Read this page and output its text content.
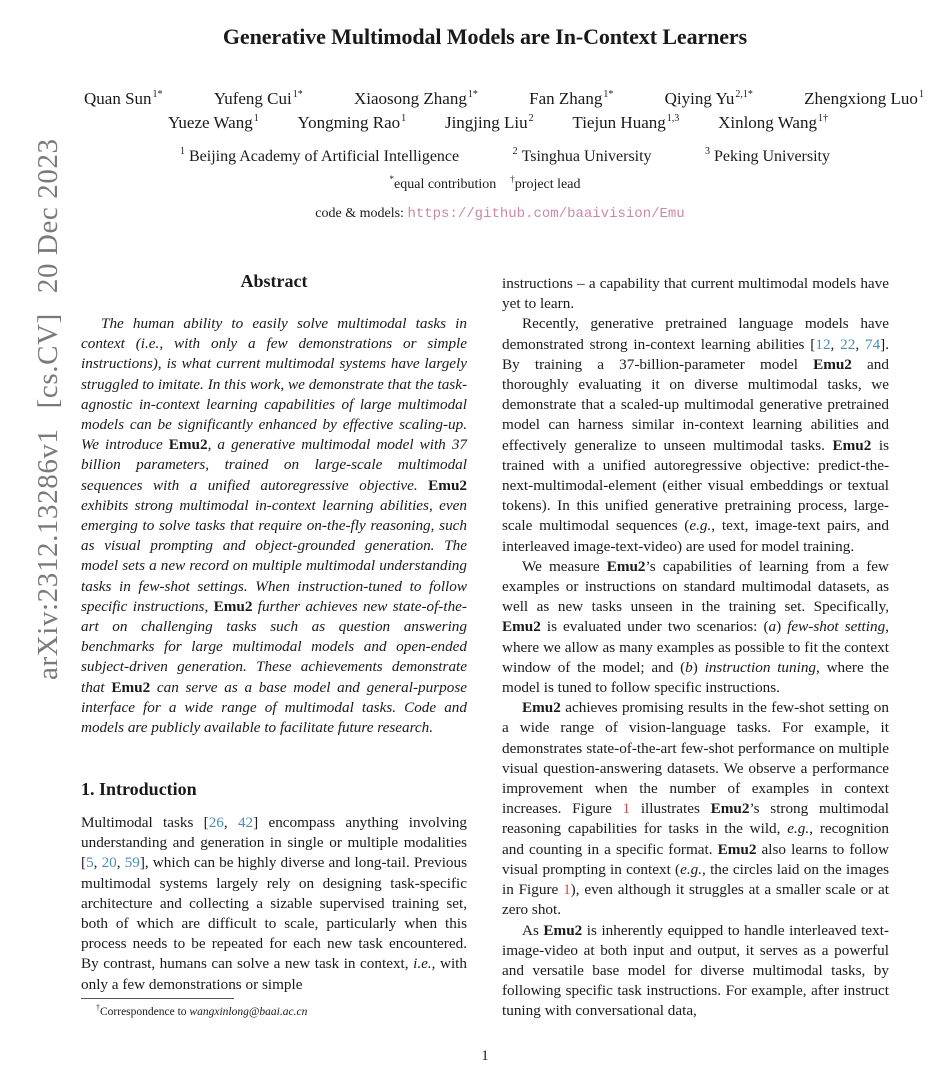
arXiv:2312.13286v1[cs.CV]20 Dec 2023
Generative Multimodal Models are In-Context Learners
Quan Sun$^{1*}$	Yufeng Cui$^{1*}$	Xiaosong Zhang$^{1*}$	Fan Zhang$^{1*}$	Qiying $Yu^{2,1*}$	Zhengxiong Luo$^1$
Yueze Wang$^1$ Yongming Rao$^1$ Jingjing Liu$^2$ Tiejun Huang$^{1,3}$ Xinlong Wang$^{1\dagger}$
$^1$ Beijing Academy of Artificial Intelligence	$^2$ Tsinghua University	$^3$ Peking University
*equal contribution †project lead
code & models: https://github.com/baaivision/Emu
Abstract

The human ability to easily solve multimodal tasks in context (i.e., with only a few demonstrations or simple instructions), is what current multimodal systems have largely struggled to imitate. In this work, we demonstrate that the task-agnostic in-context learning capabilities of large multimodal models can be significantly enhanced by effective scaling-up. We introduce Emu2, a generative multimodal model with 37 billion parameters, trained on large-scale multimodal sequences with a unified autoregressive objective. Emu2 exhibits strong multimodal in-context learning abilities, even emerging to solve tasks that require on-the-fly reasoning, such as visual prompting and object-grounded generation. The model sets a new record on multiple multimodal understanding tasks in few-shot settings. When instruction-tuned to follow specific instructions, Emu2 further achieves new state-of-the-art on challenging tasks such as question answering benchmarks for large multimodal models and open-ended subject-driven generation. These achievements demonstrate that Emu2 can serve as a base model and general-purpose interface for a wide range of multimodal tasks. Code and models are publicly available to facilitate future research.

1. Introduction

Multimodal tasks [26, 42] encompass anything involving understanding and generation in single or multiple modalities [5, 20, 59], which can be highly diverse and long-tail. Previous multimodal systems largely rely on designing task-specific architecture and collecting a sizable supervised training set, both of which are difficult to scale, particularly when this process needs to be repeated for each new task encountered. By contrast, humans can solve a new task in context, i.e., with only a few demonstrations or simple

instructions – a capability that current multimodal models have yet to learn.

Recently, generative pretrained language models have demonstrated strong in-context learning abilities [12, 22, 74]. By training a 37-billion-parameter model Emu2 and thoroughly evaluating it on diverse multimodal tasks, we demonstrate that a scaled-up multimodal generative pretrained model can harness similar in-context learning abilities and effectively generalize to unseen multimodal tasks. Emu2 is trained with a unified autoregressive objective: predict-the-next-multimodal-element (either visual embeddings or textual tokens). In this unified generative pretraining process, large-scale multimodal sequences (e.g., text, image-text pairs, and interleaved image-text-video) are used for model training.

We measure Emu2’s capabilities of learning from a few examples or instructions on standard multimodal datasets, as well as new tasks unseen in the training set. Specifically, Emu2 is evaluated under two scenarios: (a) few-shot setting, where we allow as many examples as possible to fit the context window of the model; and (b) instruction tuning, where the model is tuned to follow specific instructions.

Emu2 achieves promising results in the few-shot setting on a wide range of vision-language tasks. For example, it demonstrates state-of-the-art few-shot performance on multiple visual question-answering datasets. We observe a performance improvement when the number of examples in context increases. Figure 1 illustrates Emu2’s strong multimodal reasoning capabilities for tasks in the wild, e.g., recognition and counting in a specific format. Emu2 also learns to follow visual prompting in context (e.g., the circles laid on the images in Figure 1), even although it struggles at a smaller scale or at zero shot.

As Emu2 is inherently equipped to handle interleaved text-image-video at both input and output, it serves as a powerful and versatile base model for diverse multimodal tasks, by following specific task instructions. For example, after instruct tuning with conversational data,

†Correspondence to wangxinlong@baai.ac.cn
1
